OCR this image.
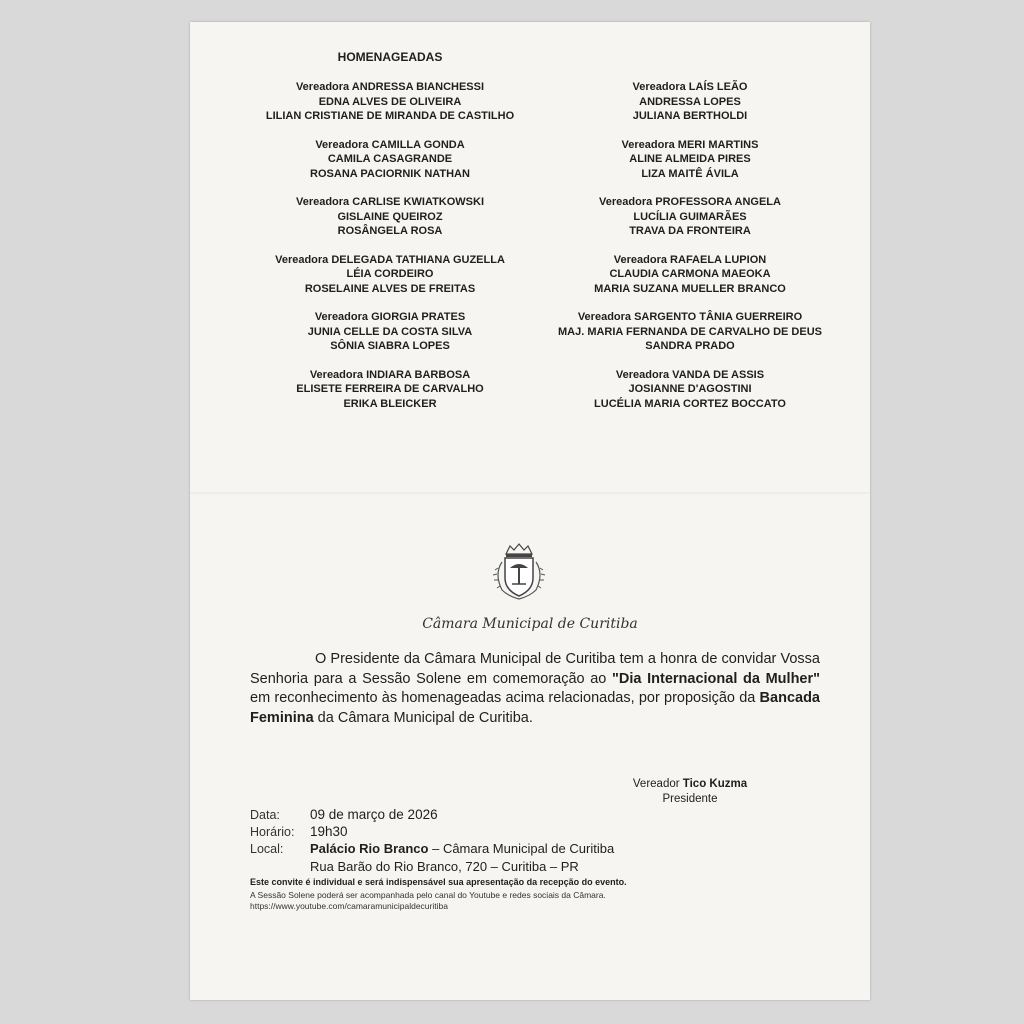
HOMENAGEADAS
Vereadora ANDRESSA BIANCHESSI
EDNA ALVES DE OLIVEIRA
LILIAN CRISTIANE DE MIRANDA DE CASTILHO
Vereadora CAMILLA GONDA
CAMILA CASAGRANDE
ROSANA PACIORNIK NATHAN
Vereadora CARLISE KWIATKOWSKI
GISLAINE QUEIROZ
ROSÂNGELA ROSA
Vereadora DELEGADA TATHIANA GUZELLA
LÉIA CORDEIRO
ROSELAINE ALVES DE FREITAS
Vereadora GIORGIA PRATES
JUNIA CELLE DA COSTA SILVA
SÔNIA SIABRA LOPES
Vereadora INDIARA BARBOSA
ELISETE FERREIRA DE CARVALHO
ERIKA BLEICKER
Vereadora LAÍS LEÃO
ANDRESSA LOPES
JULIANA BERTHOLDI
Vereadora MERI MARTINS
ALINE ALMEIDA PIRES
LIZA MAITÊ ÁVILA
Vereadora PROFESSORA ANGELA
LUCÍLIA GUIMARÃES
TRAVA DA FRONTEIRA
Vereadora RAFAELA LUPION
CLAUDIA CARMONA MAEOKA
MARIA SUZANA MUELLER BRANCO
Vereadora SARGENTO TÂNIA GUERREIRO
MAJ. MARIA FERNANDA DE CARVALHO DE DEUS
SANDRA PRADO
Vereadora VANDA DE ASSIS
JOSIANNE D'AGOSTINI
LUCÉLIA MARIA CORTEZ BOCCATO
Câmara Municipal de Curitiba
O Presidente da Câmara Municipal de Curitiba tem a honra de convidar Vossa Senhoria para a Sessão Solene em comemoração ao "Dia Internacional da Mulher" em reconhecimento às homenageadas acima relacionadas, por proposição da Bancada Feminina da Câmara Municipal de Curitiba.
Vereador Tico Kuzma
Presidente
Data:	09 de março de 2026
Horário:	19h30
Local:	Palácio Rio Branco – Câmara Municipal de Curitiba
Rua Barão do Rio Branco, 720 – Curitiba – PR
Este convite é individual e será indispensável sua apresentação da recepção do evento.
A Sessão Solene poderá ser acompanhada pelo canal do Youtube e redes sociais da Câmara.
https://www.youtube.com/camaramunicipaldecuritiba
